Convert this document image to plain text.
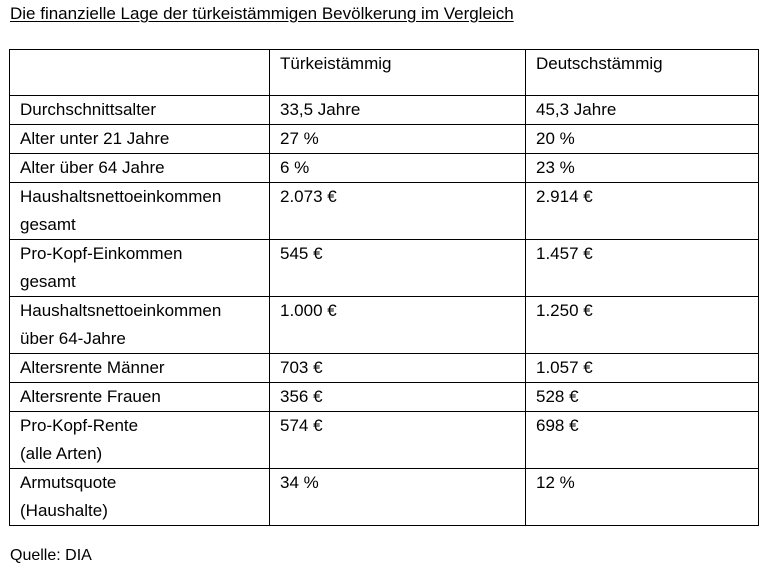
Die finanzielle Lage der türkeistämmigen Bevölkerung im Vergleich
	Türkeistämmig	Deutschstämmig

Durchschnittsalter	33,5 Jahre	45,3 Jahre

Alter unter 21 Jahre	27 %	20 %

Alter über 64 Jahre	6 %	23 %

Haushaltsnettoeinkommen
gesamt	2.073 €	2.914 €

Pro-Kopf-Einkommen
gesamt	545 €	1.457 €

Haushaltsnettoeinkommen
über 64-Jahre	1.000 €	1.250 €

Altersrente Männer	703 €	1.057 €

Altersrente Frauen	356 €	528 €

Pro-Kopf-Rente
(alle Arten)	574 €	698 €

Armutsquote
(Haushalte)	34 %	12 %
Quelle: DIA
